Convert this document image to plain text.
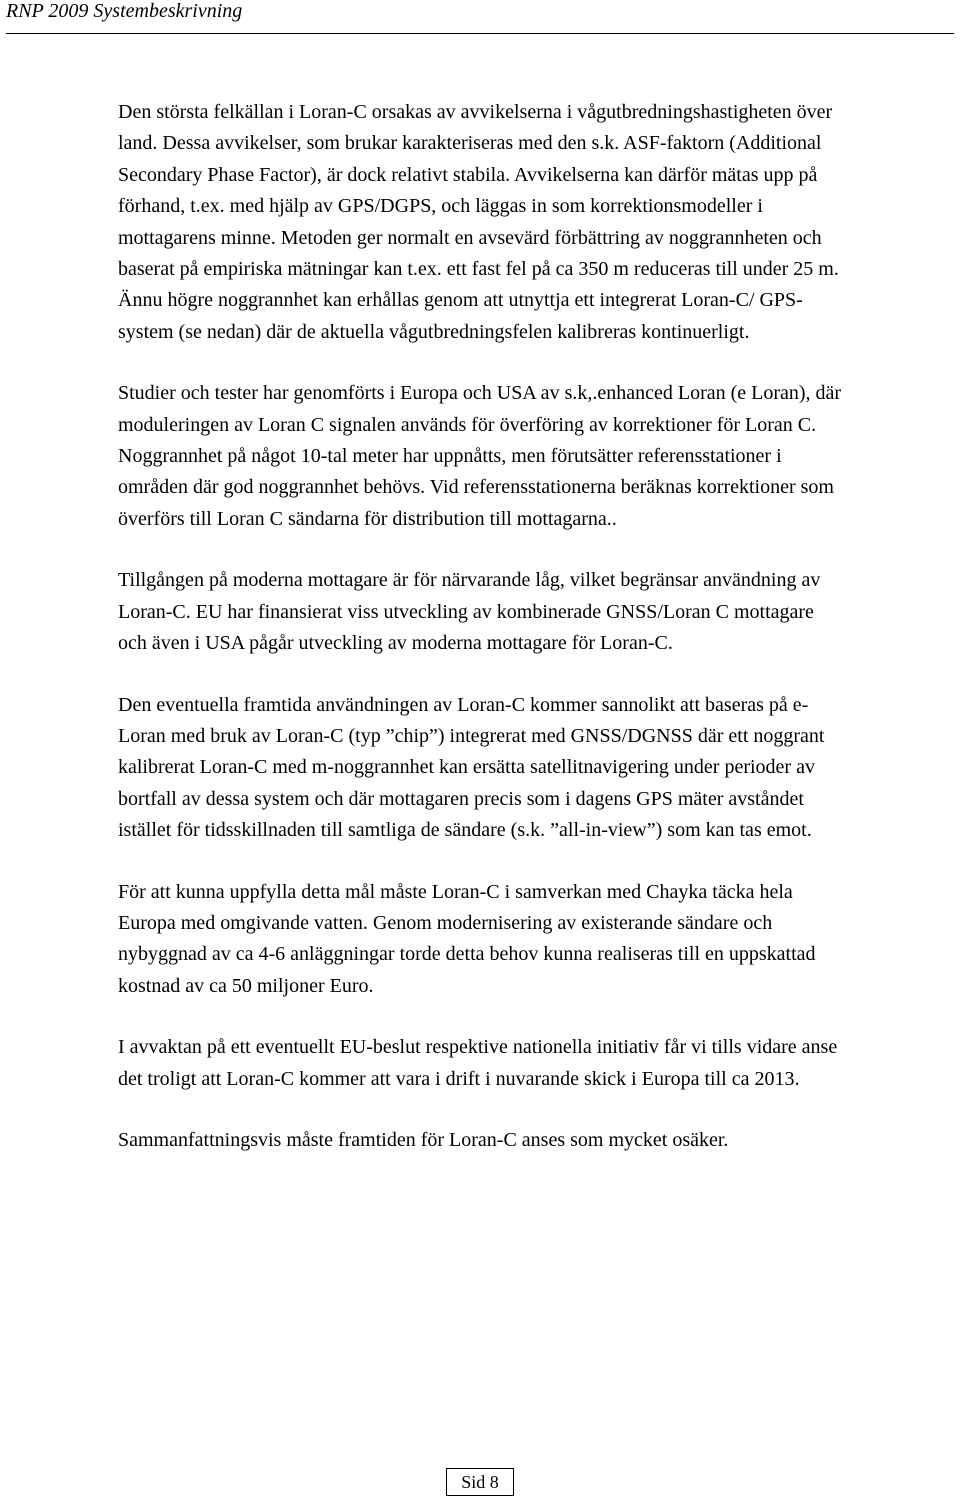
RNP 2009 Systembeskrivning

Den största felkällan i Loran-C orsakas av avvikelserna i vågutbredningshastigheten över land. Dessa avvikelser, som brukar karakteriseras med den s.k. ASF-faktorn (Additional Secondary Phase Factor), är dock relativt stabila. Avvikelserna kan därför mätas upp på förhand, t.ex. med hjälp av GPS/DGPS, och läggas in som korrektionsmodeller i mottagarens minne. Metoden ger normalt en avsevärd förbättring av noggrannheten och baserat på empiriska mätningar kan t.ex. ett fast fel på ca 350 m reduceras till under 25 m. Ännu högre noggrannhet kan erhållas genom att utnyttja ett integrerat Loran-C/ GPS-system (se nedan) där de aktuella vågutbredningsfelen kalibreras kontinuerligt.

Studier och tester har genomförts i Europa och USA av s.k,.enhanced Loran (e Loran), där moduleringen av Loran C signalen används för överföring av korrektioner för Loran C. Noggrannhet på något 10-tal meter har uppnåtts, men förutsätter referensstationer i områden där god noggrannhet behövs. Vid referensstationerna beräknas korrektioner som överförs till Loran C sändarna för distribution till mottagarna..

Tillgången på moderna mottagare är för närvarande låg, vilket begränsar användning av Loran-C. EU har finansierat viss utveckling av kombinerade GNSS/Loran C mottagare och även i USA pågår utveckling av moderna mottagare för Loran-C.

Den eventuella framtida användningen av Loran-C kommer sannolikt att baseras på e-Loran med bruk av Loran-C (typ ”chip”) integrerat med GNSS/DGNSS där ett noggrant kalibrerat Loran-C med m-noggrannhet kan ersätta satellitnavigering under perioder av bortfall av dessa system och där mottagaren precis som i dagens GPS mäter avståndet istället för tidsskillnaden till samtliga de sändare (s.k. ”all-in-view”) som kan tas emot.

För att kunna uppfylla detta mål måste Loran-C i samverkan med Chayka täcka hela Europa med omgivande vatten. Genom modernisering av existerande sändare och nybyggnad av ca 4-6 anläggningar torde detta behov kunna realiseras till en uppskattad kostnad av ca 50 miljoner Euro.

I avvaktan på ett eventuellt EU-beslut respektive nationella initiativ får vi tills vidare anse det troligt att Loran-C kommer att vara i drift i nuvarande skick i Europa till ca 2013.

Sammanfattningsvis måste framtiden för Loran-C anses som mycket osäker.

Sid 8
